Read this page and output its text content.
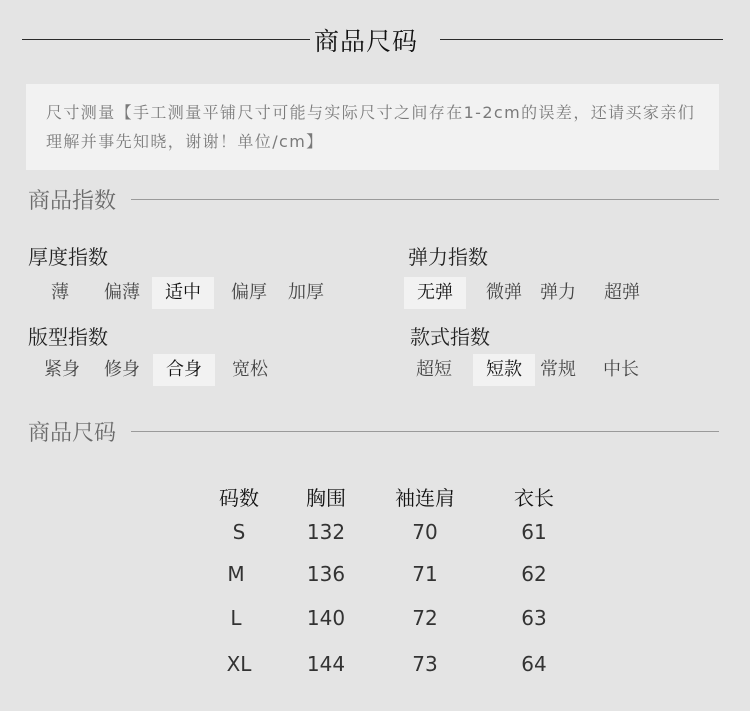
商品尺码
尺寸测量【手工测量平铺尺寸可能与实际尺寸之间存在1-2cm的误差，还请买家亲们理解并事先知晓，谢谢！单位/cm】
商品指数
厚度指数
薄	偏薄	适中	偏厚	加厚
弹力指数
无弹	微弹	弹力	超弹
版型指数
紧身	修身	合身	宽松
款式指数
超短	短款	常规	中长
商品尺码
码数	胸围	袖连肩	衣长
S	132	70	61
M	136	71	62
L	140	72	63
XL	144	73	64
